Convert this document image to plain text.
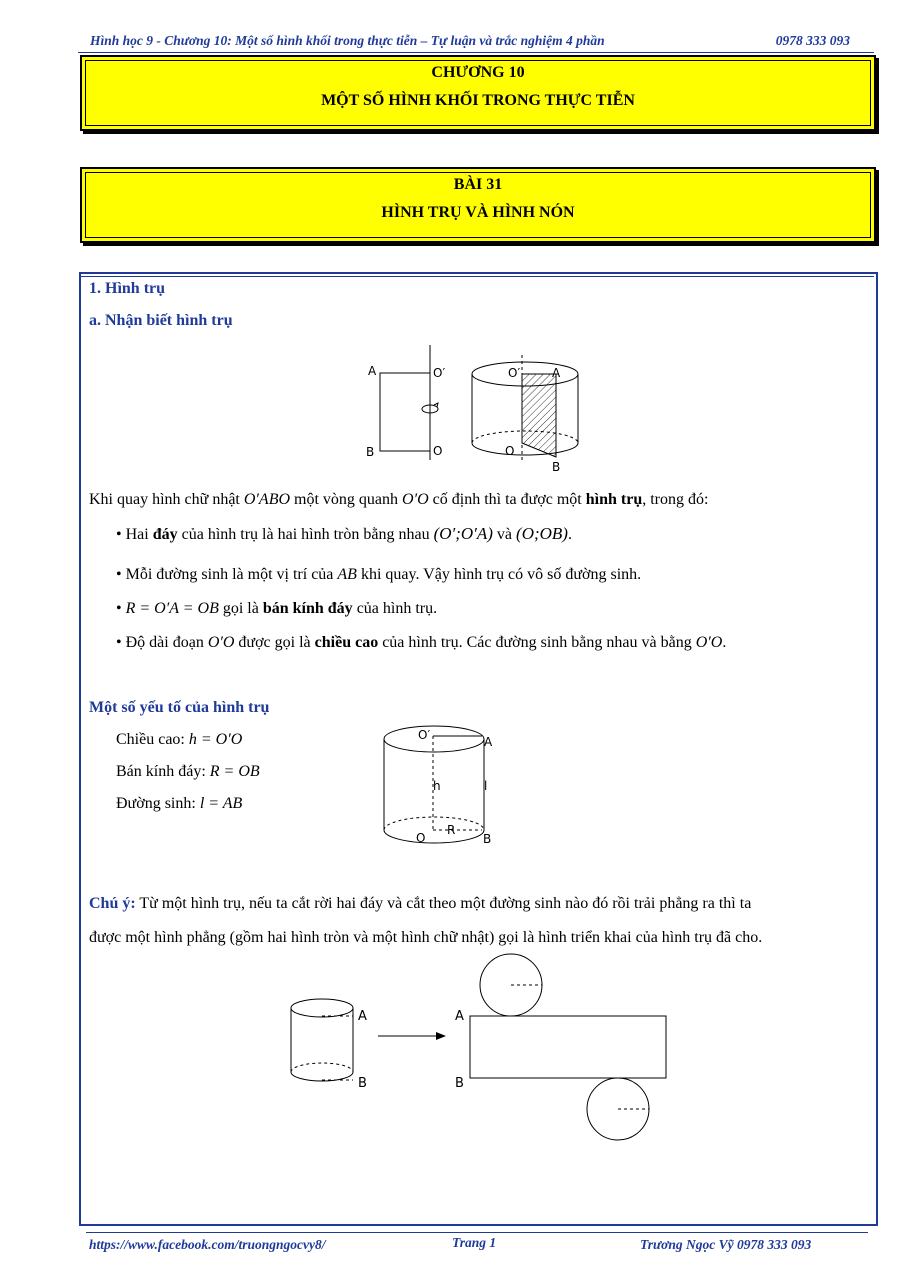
Hình học 9 - Chương 10: Một số hình khối trong thực tiễn – Tự luận và trắc nghiệm 4 phần	0978 333 093
CHƯƠNG 10
MỘT SỐ HÌNH KHỐI TRONG THỰC TIỄN
BÀI 31
HÌNH TRỤ VÀ HÌNH NÓN
1. Hình trụ
a. Nhận biết hình trụ
A	O′
B	O
O′	A
O
B
Khi quay hình chữ nhật O′ABO một vòng quanh O′O cố định thì ta được một hình trụ, trong đó:
• Hai đáy của hình trụ là hai hình tròn bằng nhau (O′;O′A) và (O;OB).
• Mỗi đường sinh là một vị trí của AB khi quay. Vậy hình trụ có vô số đường sinh.
• R = O′A = OB gọi là bán kính đáy của hình trụ.
• Độ dài đoạn O′O được gọi là chiều cao của hình trụ. Các đường sinh bằng nhau và bằng O′O.
Một số yếu tố của hình trụ
Chiều cao: h = O′O
Bán kính đáy: R = OB
Đường sinh: l = AB
O′	A
h	l
R
O	B
Chú ý: Từ một hình trụ, nếu ta cắt rời hai đáy và cắt theo một đường sinh nào đó rồi trải phẳng ra thì ta
được một hình phẳng (gồm hai hình tròn và một hình chữ nhật) gọi là hình triển khai của hình trụ đã cho.
A
B
A
B
https://www.facebook.com/truongngocvy8/	Trang 1	Trương Ngọc Vỹ 0978 333 093
